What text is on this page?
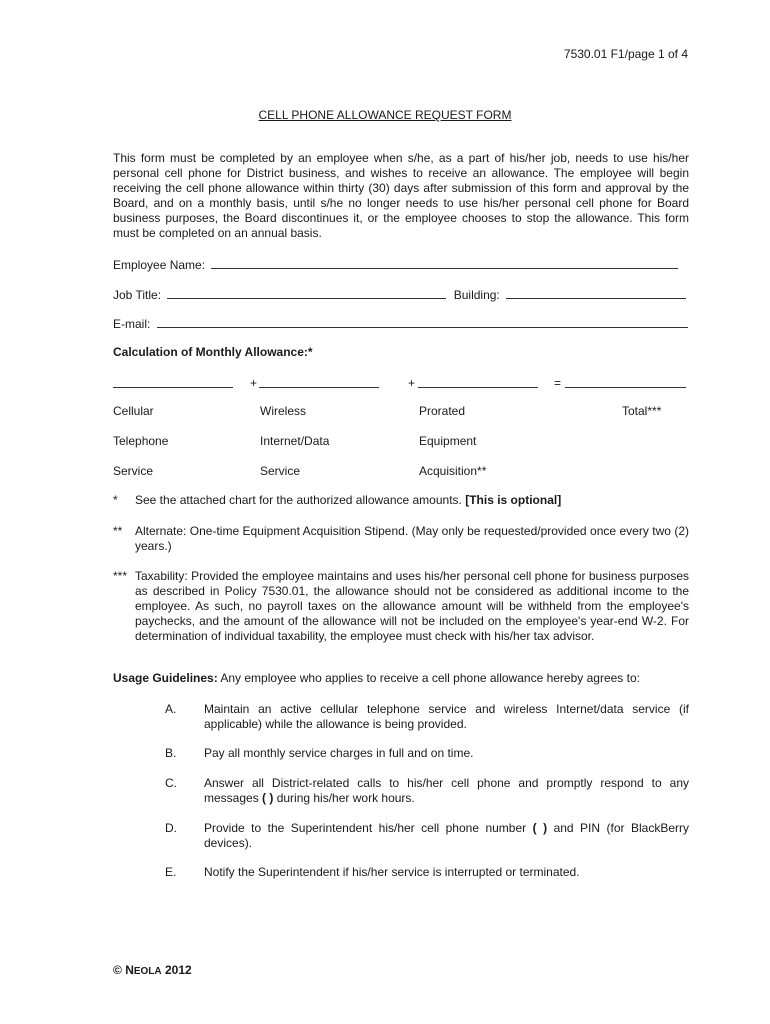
7530.01 F1/page 1 of 4
CELL PHONE ALLOWANCE REQUEST FORM
This form must be completed by an employee when s/he, as a part of his/her job, needs to use his/her personal cell phone for District business, and wishes to receive an allowance. The employee will begin receiving the cell phone allowance within thirty (30) days after submission of this form and approval by the Board, and on a monthly basis, until s/he no longer needs to use his/her personal cell phone for Board business purposes, the Board discontinues it, or the employee chooses to stop the allowance. This form must be completed on an annual basis.
Employee Name:
Job Title:	Building:
E-mail:
Calculation of Monthly Allowance:*
+	+	=
Cellular	Wireless	Prorated	Total***
Telephone	Internet/Data	Equipment
Service	Service	Acquisition**
* See the attached chart for the authorized allowance amounts. [This is optional]
** Alternate: One-time Equipment Acquisition Stipend. (May only be requested/provided once every two (2) years.)
*** Taxability: Provided the employee maintains and uses his/her personal cell phone for business purposes as described in Policy 7530.01, the allowance should not be considered as additional income to the employee. As such, no payroll taxes on the allowance amount will be withheld from the employee's paychecks, and the amount of the allowance will not be included on the employee's year-end W-2. For determination of individual taxability, the employee must check with his/her tax advisor.
Usage Guidelines: Any employee who applies to receive a cell phone allowance hereby agrees to:
A. Maintain an active cellular telephone service and wireless Internet/data service (if applicable) while the allowance is being provided.
B. Pay all monthly service charges in full and on time.
C. Answer all District-related calls to his/her cell phone and promptly respond to any messages ( ) during his/her work hours.
D. Provide to the Superintendent his/her cell phone number ( ) and PIN (for BlackBerry devices).
E. Notify the Superintendent if his/her service is interrupted or terminated.
© NEOLA 2012
